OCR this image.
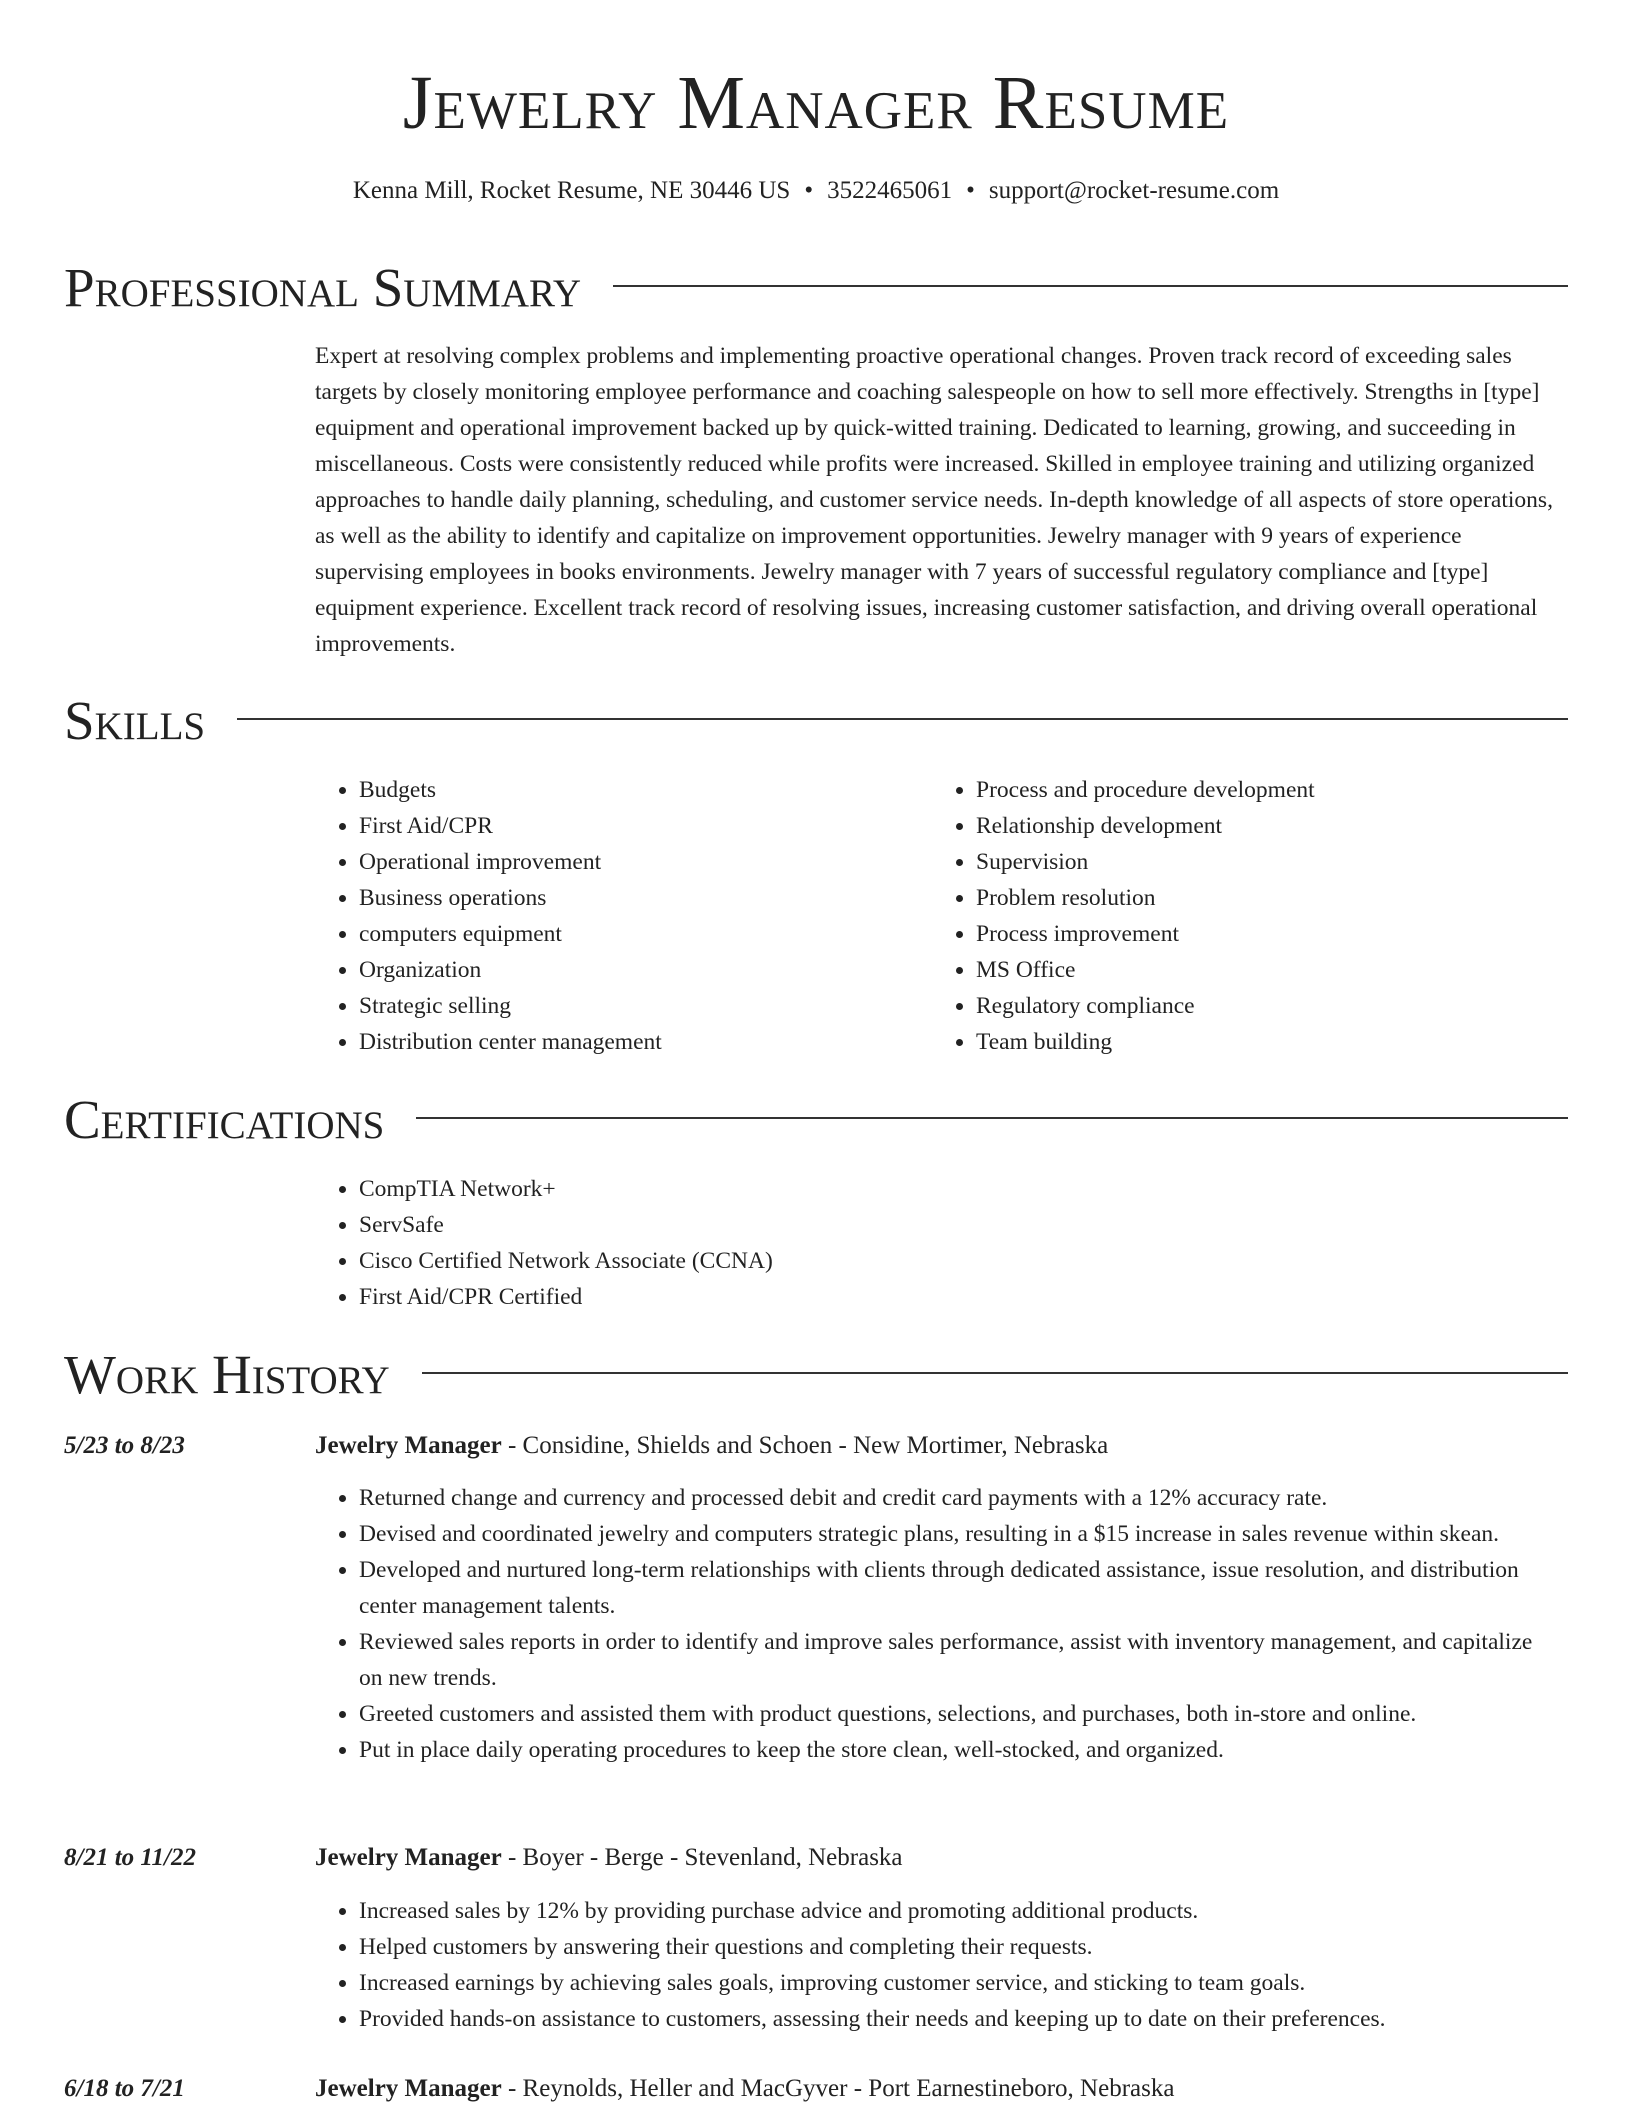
Jewelry Manager Resume
Kenna Mill, Rocket Resume, NE 30446 US • 3522465061 • support@rocket-resume.com
Professional Summary
Expert at resolving complex problems and implementing proactive operational changes. Proven track record of exceeding sales targets by closely monitoring employee performance and coaching salespeople on how to sell more effectively. Strengths in [type] equipment and operational improvement backed up by quick-witted training. Dedicated to learning, growing, and succeeding in miscellaneous. Costs were consistently reduced while profits were increased. Skilled in employee training and utilizing organized approaches to handle daily planning, scheduling, and customer service needs. In-depth knowledge of all aspects of store operations, as well as the ability to identify and capitalize on improvement opportunities. Jewelry manager with 9 years of experience supervising employees in books environments. Jewelry manager with 7 years of successful regulatory compliance and [type] equipment experience. Excellent track record of resolving issues, increasing customer satisfaction, and driving overall operational improvements.
Skills
• Budgets
• First Aid/CPR
• Operational improvement
• Business operations
• computers equipment
• Organization
• Strategic selling
• Distribution center management
• Process and procedure development
• Relationship development
• Supervision
• Problem resolution
• Process improvement
• MS Office
• Regulatory compliance
• Team building
Certifications
• CompTIA Network+
• ServSafe
• Cisco Certified Network Associate (CCNA)
• First Aid/CPR Certified
Work History
5/23 to 8/23	Jewelry Manager - Considine, Shields and Schoen - New Mortimer, Nebraska
• Returned change and currency and processed debit and credit card payments with a 12% accuracy rate.
• Devised and coordinated jewelry and computers strategic plans, resulting in a $15 increase in sales revenue within skean.
• Developed and nurtured long-term relationships with clients through dedicated assistance, issue resolution, and distribution center management talents.
• Reviewed sales reports in order to identify and improve sales performance, assist with inventory management, and capitalize on new trends.
• Greeted customers and assisted them with product questions, selections, and purchases, both in-store and online.
• Put in place daily operating procedures to keep the store clean, well-stocked, and organized.
8/21 to 11/22	Jewelry Manager - Boyer - Berge - Stevenland, Nebraska
• Increased sales by 12% by providing purchase advice and promoting additional products.
• Helped customers by answering their questions and completing their requests.
• Increased earnings by achieving sales goals, improving customer service, and sticking to team goals.
• Provided hands-on assistance to customers, assessing their needs and keeping up to date on their preferences.
6/18 to 7/21	Jewelry Manager - Reynolds, Heller and MacGyver - Port Earnestineboro, Nebraska
